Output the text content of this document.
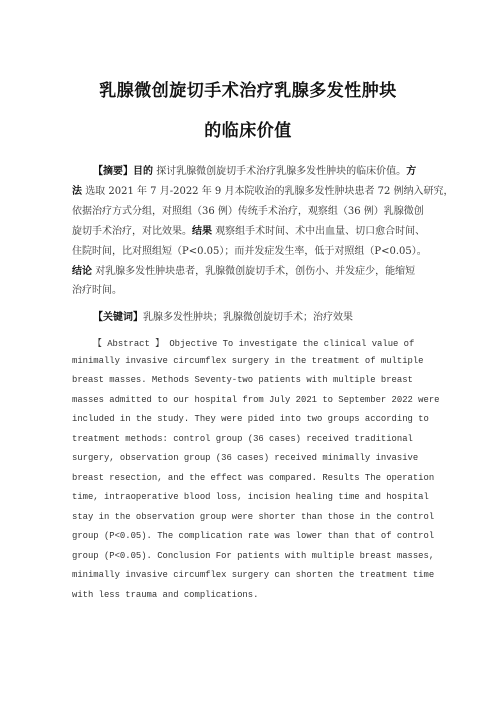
乳腺微创旋切手术治疗乳腺多发性肿块
的临床价值
【摘要】目的 探讨乳腺微创旋切手术治疗乳腺多发性肿块的临床价值。方
法 选取 2021 年 7 月-2022 年 9 月本院收治的乳腺多发性肿块患者 72 例纳入研究，
依据治疗方式分组，对照组（36 例）传统手术治疗，观察组（36 例）乳腺微创
旋切手术治疗，对比效果。结果 观察组手术时间、术中出血量、切口愈合时间、
住院时间，比对照组短（P<0.05）；而并发症发生率，低于对照组（P<0.05）。
结论 对乳腺多发性肿块患者，乳腺微创旋切手术，创伤小、并发症少，能缩短
治疗时间。
【关键词】乳腺多发性肿块；乳腺微创旋切手术；治疗效果
【 Abstract 】 Objective To investigate the clinical value of
minimally invasive circumflex surgery in the treatment of multiple
breast masses. Methods Seventy-two patients with multiple breast
masses admitted to our hospital from July 2021 to September 2022 were
included in the study. They were pided into two groups according to
treatment methods: control group (36 cases) received traditional
surgery, observation group (36 cases) received minimally invasive
breast resection, and the effect was compared. Results The operation
time, intraoperative blood loss, incision healing time and hospital
stay in the observation group were shorter than those in the control
group (P<0.05). The complication rate was lower than that of control
group (P<0.05). Conclusion For patients with multiple breast masses,
minimally invasive circumflex surgery can shorten the treatment time
with less trauma and complications.
